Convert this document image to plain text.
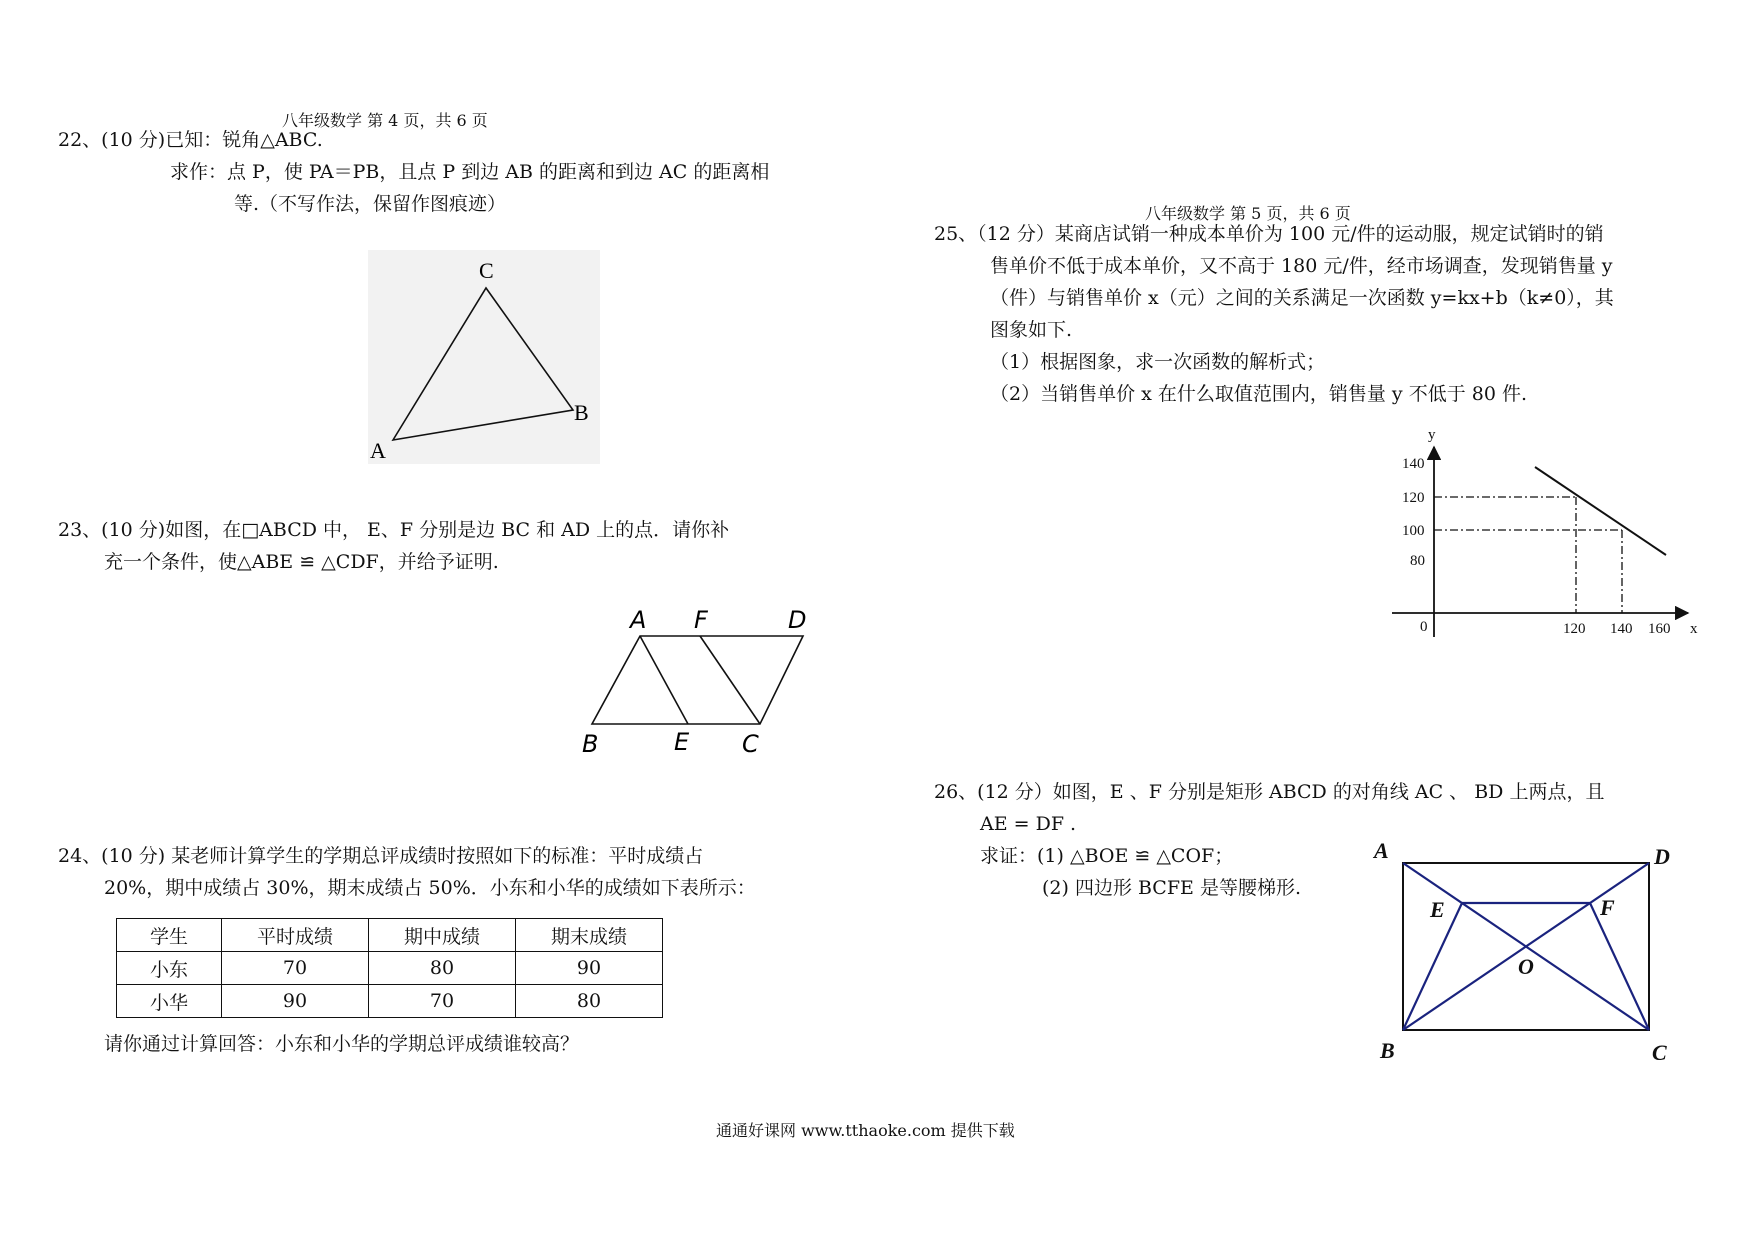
八年级数学 第 4 页，共 6 页
八年级数学 第 5 页，共 6 页
22、(10 分)已知：锐角△ABC.
求作：点 P，使 PA＝PB，且点 P 到边 AB 的距离和到边 AC 的距离相
等.（不写作法，保留作图痕迹）
C
A
B
23、(10 分)如图，在□ABCD 中， E、F 分别是边 BC 和 AD 上的点．请你补
充一个条件，使△ABE ≌ △CDF，并给予证明.
A F	D
B	E C
24、(10 分) 某老师计算学生的学期总评成绩时按照如下的标准：平时成绩占
20%，期中成绩占 30%，期末成绩占 50%．小东和小华的成绩如下表所示：
学生	平时成绩	期中成绩	期末成绩
小东	70	80	90
小华	90	70	80
请你通过计算回答：小东和小华的学期总评成绩谁较高？
25、（12 分）某商店试销一种成本单价为 100 元/件的运动服，规定试销时的销
售单价不低于成本单价，又不高于 180 元/件，经市场调查，发现销售量 y
（件）与销售单价 x（元）之间的关系满足一次函数 y=kx+b（k≠0），其
图象如下.
（1）根据图象，求一次函数的解析式；
（2）当销售单价 x 在什么取值范围内，销售量 y 不低于 80 件.
y
x
0
140
120
100
80
120 140 160
26、(12 分）如图，E 、F 分别是矩形 ABCD 的对角线 AC 、 BD 上两点，且
AE = DF .
求证：(1) △BOE ≌ △COF；
(2) 四边形 BCFE 是等腰梯形.
A	D
E	F
O
B	C
通通好课网 www.tthaoke.com 提供下载
